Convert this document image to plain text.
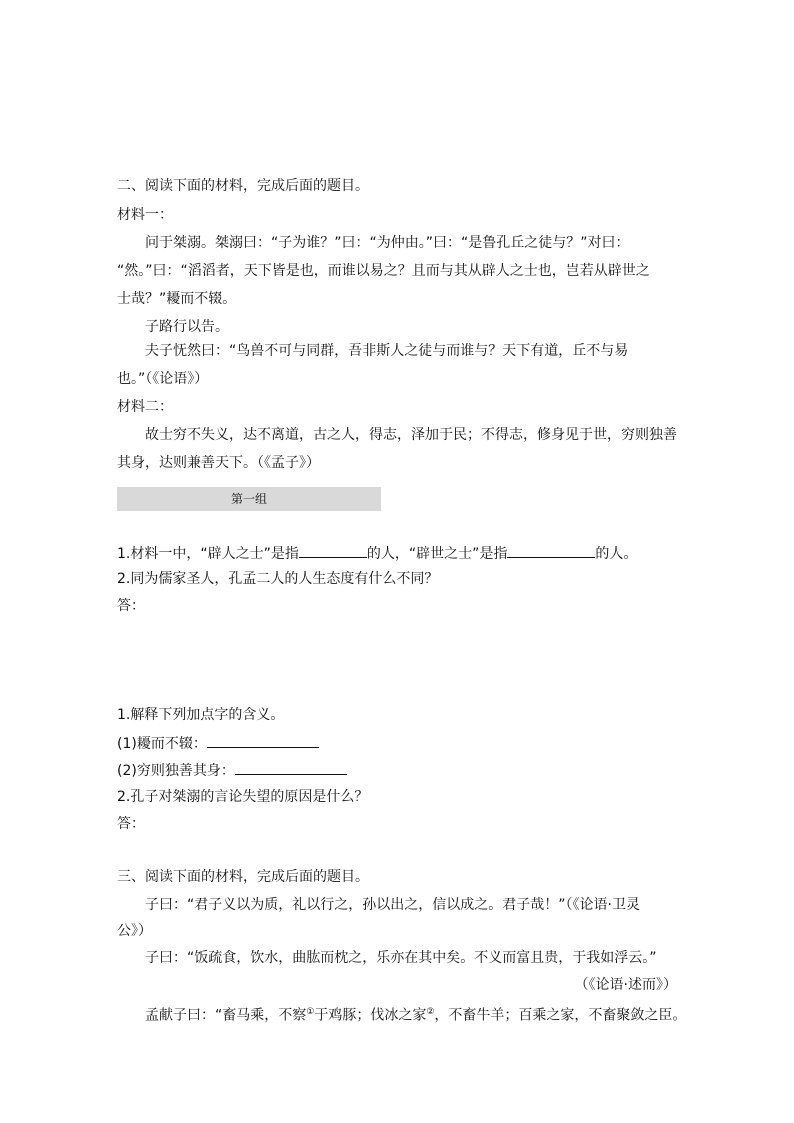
二、阅读下面的材料，完成后面的题目。
材料一：
问于桀溺。桀溺曰：“子为谁？”曰：“为仲由。”曰：“是鲁孔丘之徒与？”对曰：
“然。”曰：“滔滔者，天下皆是也，而谁以易之？且而与其从辟人之士也，岂若从辟世之
士哉？”耰而不辍。
子路行以告。
夫子怃然曰：“鸟兽不可与同群，吾非斯人之徒与而谁与？天下有道，丘不与易
也。”（《论语》）
材料二：
故士穷不失义，达不离道，古之人，得志，泽加于民；不得志，修身见于世，穷则独善
其身，达则兼善天下。（《孟子》）
第一组
1.材料一中，“辟人之士”是指	的人，“辟世之士”是指	的人。
2.同为儒家圣人，孔孟二人的人生态度有什么不同？
答：
1.解释下列加点字的含义。
(1)耰而不辍：
(2)穷则独善其身：
2.孔子对桀溺的言论失望的原因是什么？
答：
三、阅读下面的材料，完成后面的题目。
子曰：“君子义以为质，礼以行之，孙以出之，信以成之。君子哉！”（《论语·卫灵
公》）
子曰：“饭疏食，饮水，曲肱而枕之，乐亦在其中矣。不义而富且贵，于我如浮云。”
（《论语·述而》）
孟献子曰：“畜马乘，不察①于鸡豚；伐冰之家②，不畜牛羊；百乘之家，不畜聚敛之臣。
